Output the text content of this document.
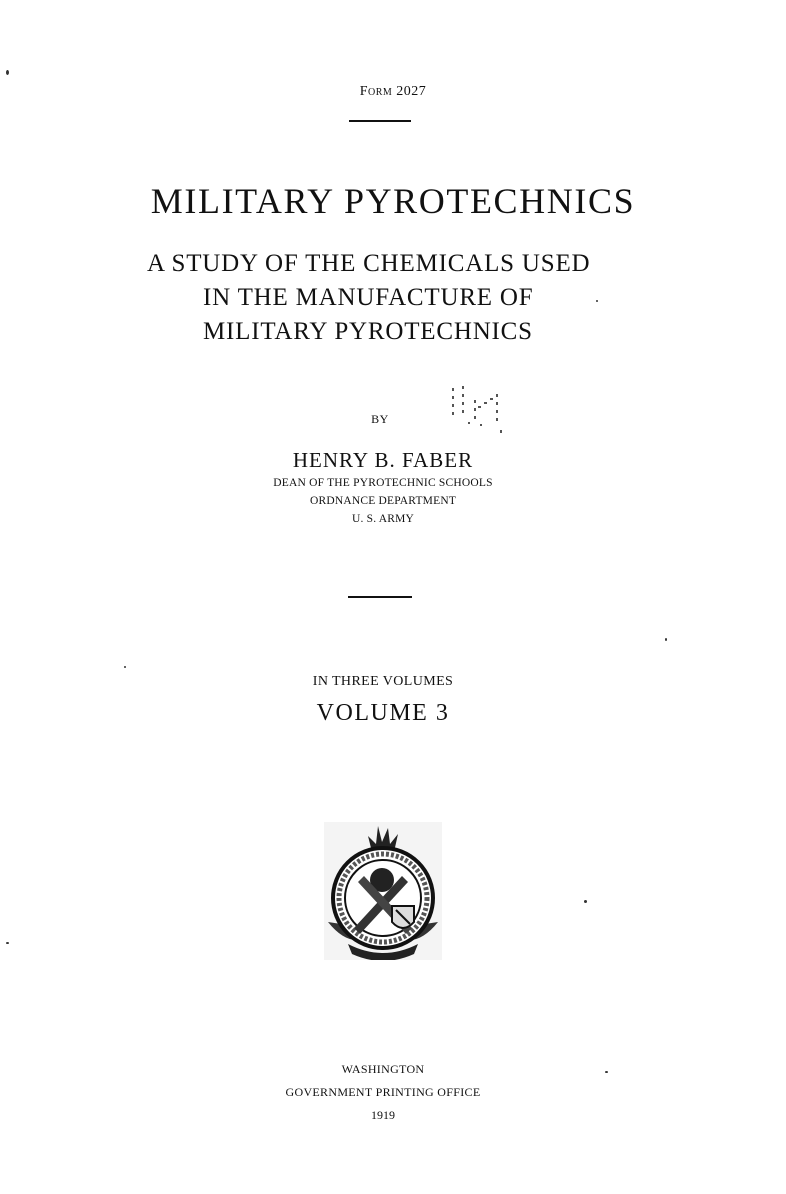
Form 2027
MILITARY PYROTECHNICS
A STUDY OF THE CHEMICALS USED
IN THE MANUFACTURE OF
MILITARY PYROTECHNICS
BY
HENRY B. FABER
DEAN OF THE PYROTECHNIC SCHOOLS
ORDNANCE DEPARTMENT
U. S. ARMY
IN THREE VOLUMES
VOLUME 3
WASHINGTON
GOVERNMENT PRINTING OFFICE
1919
